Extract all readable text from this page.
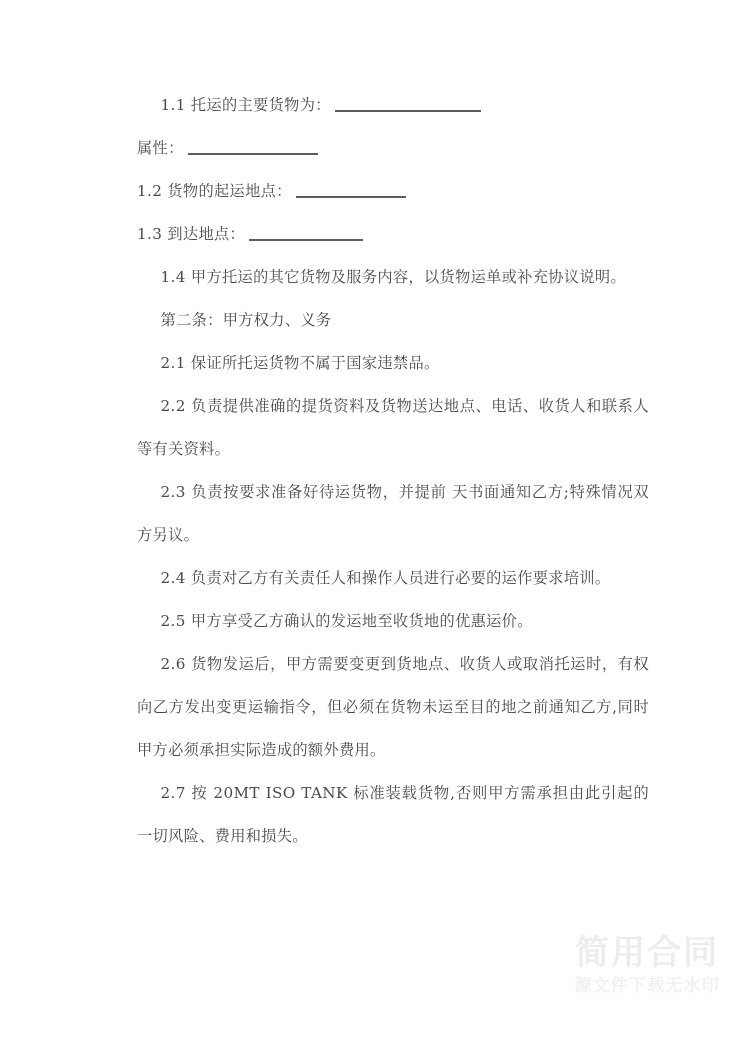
1.1 托运的主要货物为：
属性：
1.2 货物的起运地点：
1.3 到达地点：

1.4 甲方托运的其它货物及服务内容，以货物运单或补充协议说明。

第二条：甲方权力、义务

2.1 保证所托运货物不属于国家违禁品。

2.2 负责提供准确的提货资料及货物送达地点、电话、收货人和联系人等有关资料。

2.3 负责按要求准备好待运货物，并提前 天书面通知乙方;特殊情况双方另议。

2.4 负责对乙方有关责任人和操作人员进行必要的运作要求培训。

2.5 甲方享受乙方确认的发运地至收货地的优惠运价。

2.6 货物发运后，甲方需要变更到货地点、收货人或取消托运时，有权向乙方发出变更运输指令，但必须在货物未运至目的地之前通知乙方,同时甲方必须承担实际造成的额外费用。

2.7 按 20MT ISO TANK 标准装载货物,否则甲方需承担由此引起的一切风险、费用和损失。

简用合同
源文件下载无水印
